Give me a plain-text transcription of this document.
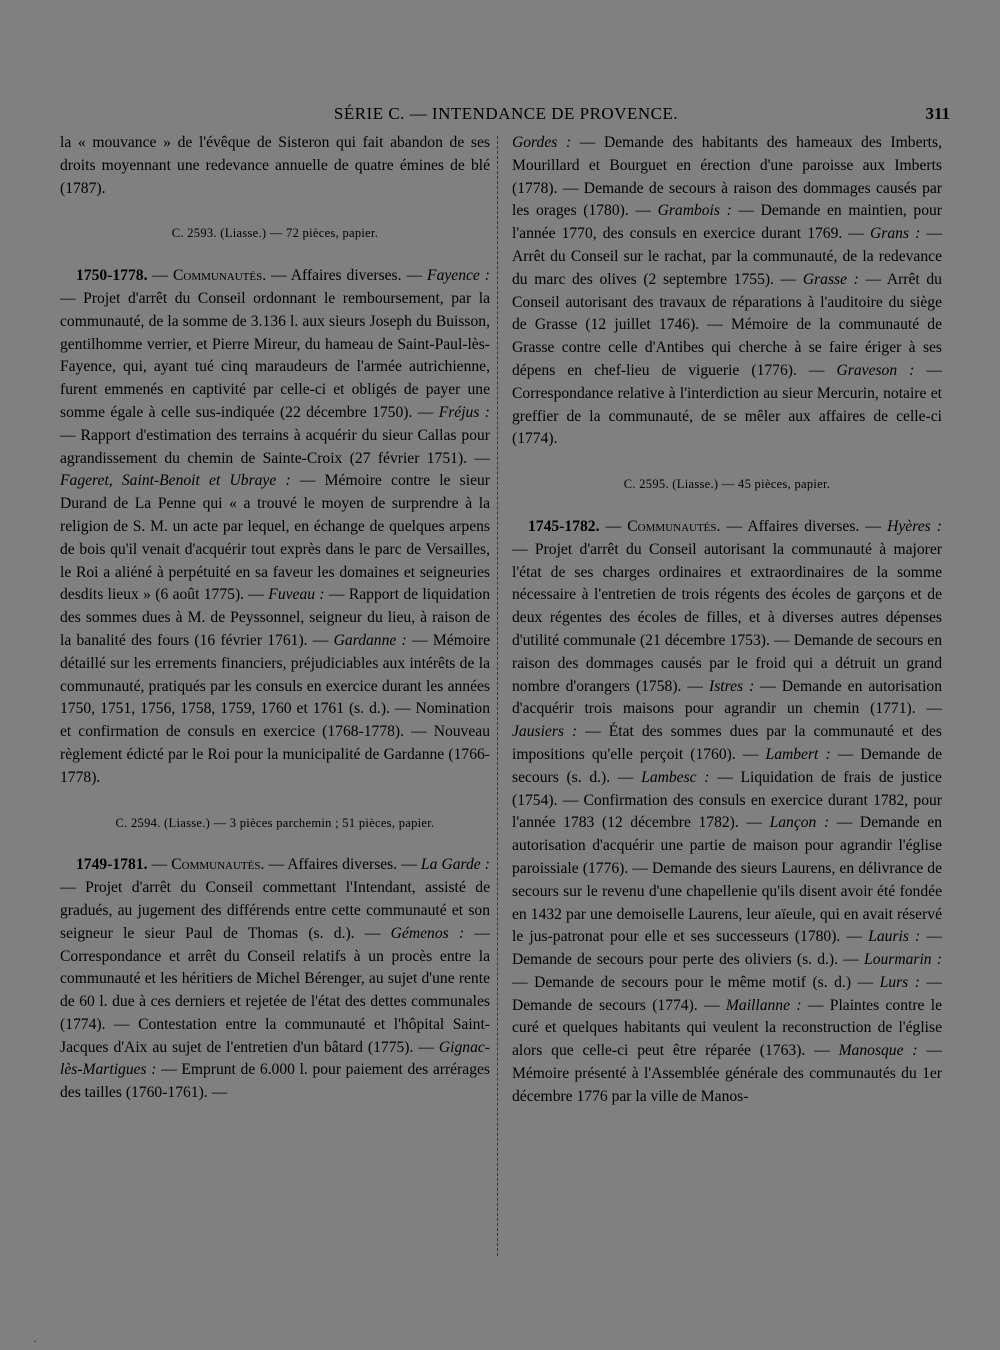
SÉRIE C. — INTENDANCE DE PROVENCE.	311

la « mouvance » de l'évêque de Sisteron qui fait abandon de ses droits moyennant une redevance annuelle de quatre émines de blé (1787).

C. 2593. (Liasse.) — 72 pièces, papier.

1750-1778. — Communautés. — Affaires diverses. — Fayence : — Projet d'arrêt du Conseil ordonnant le remboursement, par la communauté, de la somme de 3.136 l. aux sieurs Joseph du Buisson, gentilhomme verrier, et Pierre Mireur, du hameau de Saint-Paul-lès-Fayence, qui, ayant tué cinq maraudeurs de l'armée autrichienne, furent emmenés en captivité par celle-ci et obligés de payer une somme égale à celle sus-indiquée (22 décembre 1750). — Fréjus : — Rapport d'estimation des terrains à acquérir du sieur Callas pour agrandissement du chemin de Sainte-Croix (27 février 1751). — Fageret, Saint-Benoit et Ubraye : — Mémoire contre le sieur Durand de La Penne qui « a trouvé le moyen de surprendre à la religion de S. M. un acte par lequel, en échange de quelques arpens de bois qu'il venait d'acquérir tout exprès dans le parc de Versailles, le Roi a aliéné à perpétuité en sa faveur les domaines et seigneuries desdits lieux » (6 août 1775). — Fuveau : — Rapport de liquidation des sommes dues à M. de Peyssonnel, seigneur du lieu, à raison de la banalité des fours (16 février 1761). — Gardanne : — Mémoire détaillé sur les errements financiers, préjudiciables aux intérêts de la communauté, pratiqués par les consuls en exercice durant les années 1750, 1751, 1756, 1758, 1759, 1760 et 1761 (s. d.). — Nomination et confirmation de consuls en exercice (1768-1778). — Nouveau règlement édicté par le Roi pour la municipalité de Gardanne (1766-1778).

C. 2594. (Liasse.) — 3 pièces parchemin ; 51 pièces, papier.

1749-1781. — Communautés. — Affaires diverses. — La Garde : — Projet d'arrêt du Conseil commettant l'Intendant, assisté de gradués, au jugement des différends entre cette communauté et son seigneur le sieur Paul de Thomas (s. d.). — Gémenos : — Correspondance et arrêt du Conseil relatifs à un procès entre la communauté et les héritiers de Michel Bérenger, au sujet d'une rente de 60 l. due à ces derniers et rejetée de l'état des dettes communales (1774). — Contestation entre la communauté et l'hôpital Saint-Jacques d'Aix au sujet de l'entretien d'un bâtard (1775). — Gignac-lès-Martigues : — Emprunt de 6.000 l. pour paiement des arrérages des tailles (1760-1761). —

Gordes : — Demande des habitants des hameaux des Imberts, Mourillard et Bourguet en érection d'une paroisse aux Imberts (1778). — Demande de secours à raison des dommages causés par les orages (1780). — Grambois : — Demande en maintien, pour l'année 1770, des consuls en exercice durant 1769. — Grans : — Arrêt du Conseil sur le rachat, par la communauté, de la redevance du marc des olives (2 septembre 1755). — Grasse : — Arrêt du Conseil autorisant des travaux de réparations à l'auditoire du siège de Grasse (12 juillet 1746). — Mémoire de la communauté de Grasse contre celle d'Antibes qui cherche à se faire ériger à ses dépens en chef-lieu de viguerie (1776). — Graveson : — Correspondance relative à l'interdiction au sieur Mercurin, notaire et greffier de la communauté, de se mêler aux affaires de celle-ci (1774).

C. 2595. (Liasse.) — 45 pièces, papier.

1745-1782. — Communautés. — Affaires diverses. — Hyères : — Projet d'arrêt du Conseil autorisant la communauté à majorer l'état de ses charges ordinaires et extraordinaires de la somme nécessaire à l'entretien de trois régents des écoles de garçons et de deux régentes des écoles de filles, et à diverses autres dépenses d'utilité communale (21 décembre 1753). — Demande de secours en raison des dommages causés par le froid qui a détruit un grand nombre d'orangers (1758). — Istres : — Demande en autorisation d'acquérir trois maisons pour agrandir un chemin (1771). — Jausiers : — État des sommes dues par la communauté et des impositions qu'elle perçoit (1760). — Lambert : — Demande de secours (s. d.). — Lambesc : — Liquidation de frais de justice (1754). — Confirmation des consuls en exercice durant 1782, pour l'année 1783 (12 décembre 1782). — Lançon : — Demande en autorisation d'acquérir une partie de maison pour agrandir l'église paroissiale (1776). — Demande des sieurs Laurens, en délivrance de secours sur le revenu d'une chapellenie qu'ils disent avoir été fondée en 1432 par une demoiselle Laurens, leur aïeule, qui en avait réservé le jus-patronat pour elle et ses successeurs (1780). — Lauris : — Demande de secours pour perte des oliviers (s. d.). — Lourmarin : — Demande de secours pour le même motif (s. d.) — Lurs : — Demande de secours (1774). — Maillanne : — Plaintes contre le curé et quelques habitants qui veulent la reconstruction de l'église alors que celle-ci peut être réparée (1763). — Manosque : — Mémoire présenté à l'Assemblée générale des communautés du 1er décembre 1776 par la ville de Manos-

.
